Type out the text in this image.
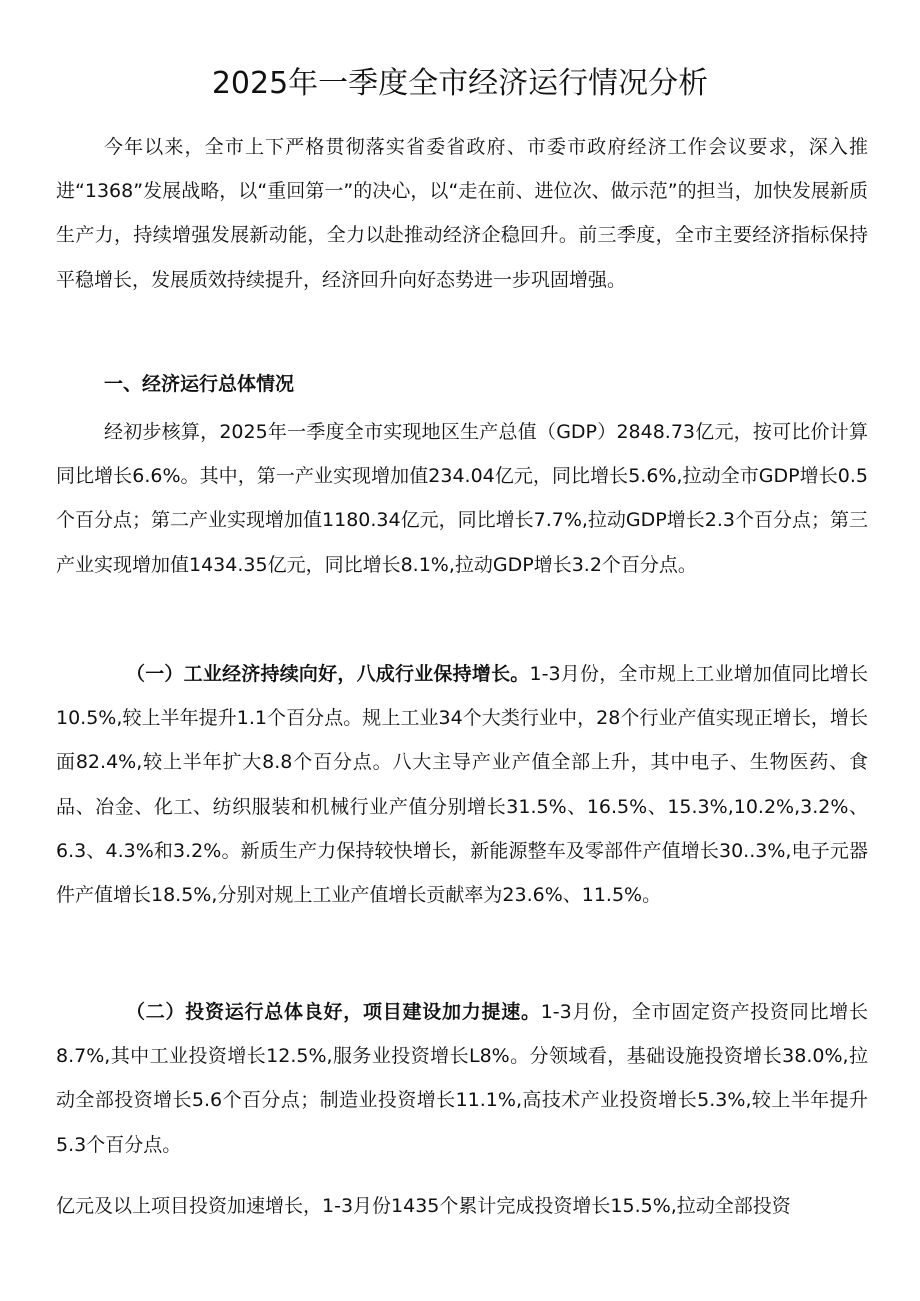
2025年一季度全市经济运行情况分析

今年以来，全市上下严格贯彻落实省委省政府、市委市政府经济工作会议要求，深入推进“1368”发展战略，以“重回第一”的决心，以“走在前、进位次、做示范”的担当，加快发展新质生产力，持续增强发展新动能，全力以赴推动经济企稳回升。前三季度，全市主要经济指标保持平稳增长，发展质效持续提升，经济回升向好态势进一步巩固增强。

一、经济运行总体情况

经初步核算，2025年一季度全市实现地区生产总值（GDP）2848.73亿元，按可比价计算同比增长6.6%。其中，第一产业实现增加值234.04亿元，同比增长5.6%,拉动全市GDP增长0.5个百分点；第二产业实现增加值1180.34亿元，同比增长7.7%,拉动GDP增长2.3个百分点；第三产业实现增加值1434.35亿元，同比增长8.1%,拉动GDP增长3.2个百分点。

（一）工业经济持续向好，八成行业保持增长。1-3月份，全市规上工业增加值同比增长10.5%,较上半年提升1.1个百分点。规上工业34个大类行业中，28个行业产值实现正增长，增长面82.4%,较上半年扩大8.8个百分点。八大主导产业产值全部上升，其中电子、生物医药、食品、冶金、化工、纺织服装和机械行业产值分别增长31.5%、16.5%、15.3%,10.2%,3.2%、6.3、4.3%和3.2%。新质生产力保持较快增长，新能源整车及零部件产值增长30..3%,电子元器件产值增长18.5%,分别对规上工业产值增长贡献率为23.6%、11.5%。

（二）投资运行总体良好，项目建设加力提速。1-3月份，全市固定资产投资同比增长8.7%,其中工业投资增长12.5%,服务业投资增长L8%。分领域看，基础设施投资增长38.0%,拉动全部投资增长5.6个百分点；制造业投资增长11.1%,高技术产业投资增长5.3%,较上半年提升5.3个百分点。

亿元及以上项目投资加速增长，1-3月份1435个累计完成投资增长15.5%,拉动全部投资
